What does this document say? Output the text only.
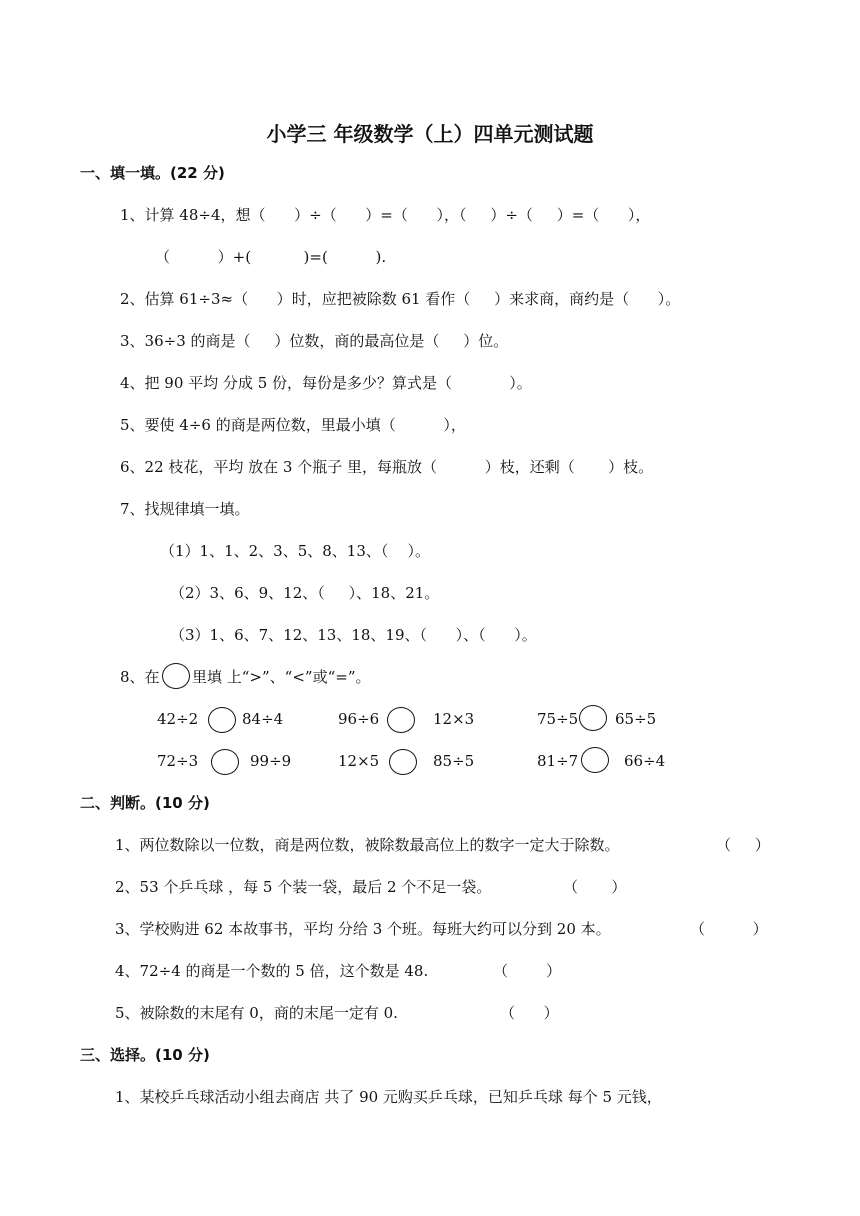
小学三 年级数学（上）四单元测试题
一、填一填。(22 分)
1、计算 48÷4，想（      ）÷（      ）=（      ），（     ）÷（     ）=（      ），
（          ）+(           )=(          ).
2、估算 61÷3≈（      ）时，应把被除数 61 看作（     ）来求商，商约是（      ）。
3、36÷3 的商是（     ）位数，商的最高位是（     ）位。
4、把 90 平均 分成 5 份，每份是多少？算式是（            ）。
5、要使 4÷6 的商是两位数，里最小填（          ），
6、22 枝花，平均 放在 3 个瓶子 里，每瓶放（          ）枝，还剩（       ）枝。
7、找规律填一填。
（1）1、1、2、3、5、8、13、（    ）。
（2）3、6、9、12、（     ）、18、21。
（3）1、6、7、12、13、18、19、（      ）、（      ）。
8、在 里填 上“>”、“<”或“=”。
42÷2	84÷4	96÷6	12×3	75÷5 65÷5
72÷3	99÷9	12×5	85÷5	81÷7	66÷4
二、判断。(10 分)
1、两位数除以一位数，商是两位数，被除数最高位上的数字一定大于除数。	（     ）
2、53 个乒乓球 ，每 5 个装一袋，最后 2 个不足一袋。	（       ）
3、学校购进 62 本故事书，平均 分给 3 个班。每班大约可以分到 20 本。	（          ）
4、72÷4 的商是一个数的 5 倍，这个数是 48.	（        ）
5、被除数的末尾有 0，商的末尾一定有 0.	（      ）
三、选择。(10 分)
1、某校乒乓球活动小组去商店 共了 90 元购买乒乓球，已知乒乓球 每个 5 元钱，
